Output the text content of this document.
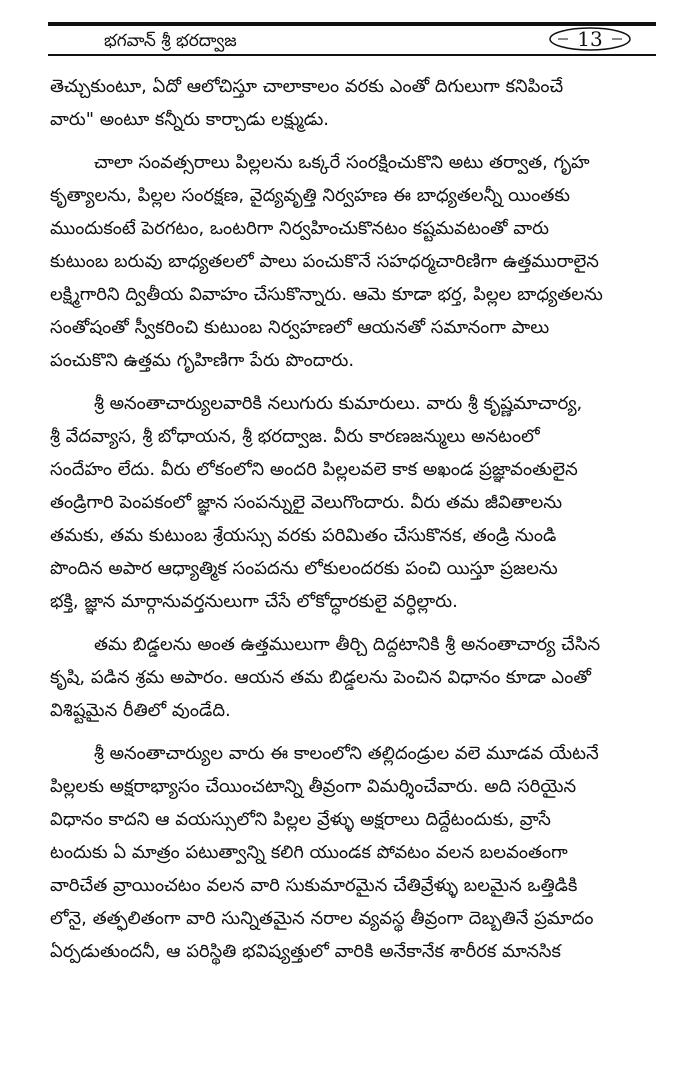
భగవాన్ శ్రీ భరద్వాజ	13
తెచ్చుకుంటూ, ఏదో ఆలోచిస్తూ చాలాకాలం వరకు ఎంతో దిగులుగా కనిపించే
వారు" అంటూ కన్నీరు కార్చాడు లక్ష్ముడు.
చాలా సంవత్సరాలు పిల్లలను ఒక్కరే సంరక్షించుకొని అటు తర్వాత, గృహ
కృత్యాలను, పిల్లల సంరక్షణ, వైద్యవృత్తి నిర్వహణ ఈ బాధ్యతలన్నీ యింతకు
ముందుకంటే పెరగటం, ఒంటరిగా నిర్వహించుకొనటం కష్టమవటంతో వారు
కుటుంబ బరువు బాధ్యతలలో పాలు పంచుకొనే సహధర్మచారిణిగా ఉత్తమురాలైన
లక్ష్మిగారిని ద్వితీయ వివాహం చేసుకొన్నారు. ఆమె కూడా భర్త, పిల్లల బాధ్యతలను
సంతోషంతో స్వీకరించి కుటుంబ నిర్వహణలో ఆయనతో సమానంగా పాలు
పంచుకొని ఉత్తమ గృహిణిగా పేరు పొందారు.
శ్రీ అనంతాచార్యులవారికి నలుగురు కుమారులు. వారు శ్రీ కృష్ణమాచార్య,
శ్రీ వేదవ్యాస, శ్రీ బోధాయన, శ్రీ భరద్వాజ. వీరు కారణజన్ములు అనటంలో
సందేహం లేదు. వీరు లోకంలోని అందరి పిల్లలవలె కాక అఖండ ప్రజ్ఞావంతులైన
తండ్రిగారి పెంపకంలో జ్ఞాన సంపన్నులై వెలుగొందారు. వీరు తమ జీవితాలను
తమకు, తమ కుటుంబ శ్రేయస్సు వరకు పరిమితం చేసుకొనక, తండ్రి నుండి
పొందిన అపార ఆధ్యాత్మిక సంపదను లోకులందరకు పంచి యిస్తూ ప్రజలను
భక్తి, జ్ఞాన మార్గానువర్తనులుగా చేసే లోకోద్ధారకులై వర్ధిల్లారు.
తమ బిడ్డలను అంత ఉత్తములుగా తీర్చి దిద్దటానికి శ్రీ అనంతాచార్య చేసిన
కృషి, పడిన శ్రమ అపారం. ఆయన తమ బిడ్డలను పెంచిన విధానం కూడా ఎంతో
విశిష్టమైన రీతిలో వుండేది.
శ్రీ అనంతాచార్యుల వారు ఈ కాలంలోని తల్లిదండ్రుల వలె మూడవ యేటనే
పిల్లలకు అక్షరాభ్యాసం చేయించటాన్ని తీవ్రంగా విమర్శించేవారు. అది సరియైన
విధానం కాదని ఆ వయస్సులోని పిల్లల వ్రేళ్ళు అక్షరాలు దిద్దేటందుకు, వ్రాసే
టందుకు ఏ మాత్రం పటుత్వాన్ని కలిగి యుండక పోవటం వలన బలవంతంగా
వారిచేత వ్రాయించటం వలన వారి సుకుమారమైన చేతివ్రేళ్ళు బలమైన ఒత్తిడికి
లోనై, తత్ఫలితంగా వారి సున్నితమైన నరాల వ్యవస్థ తీవ్రంగా దెబ్బతినే ప్రమాదం
ఏర్పడుతుందనీ, ఆ పరిస్థితి భవిష్యత్తులో వారికి అనేకానేక శారీరక మానసిక
